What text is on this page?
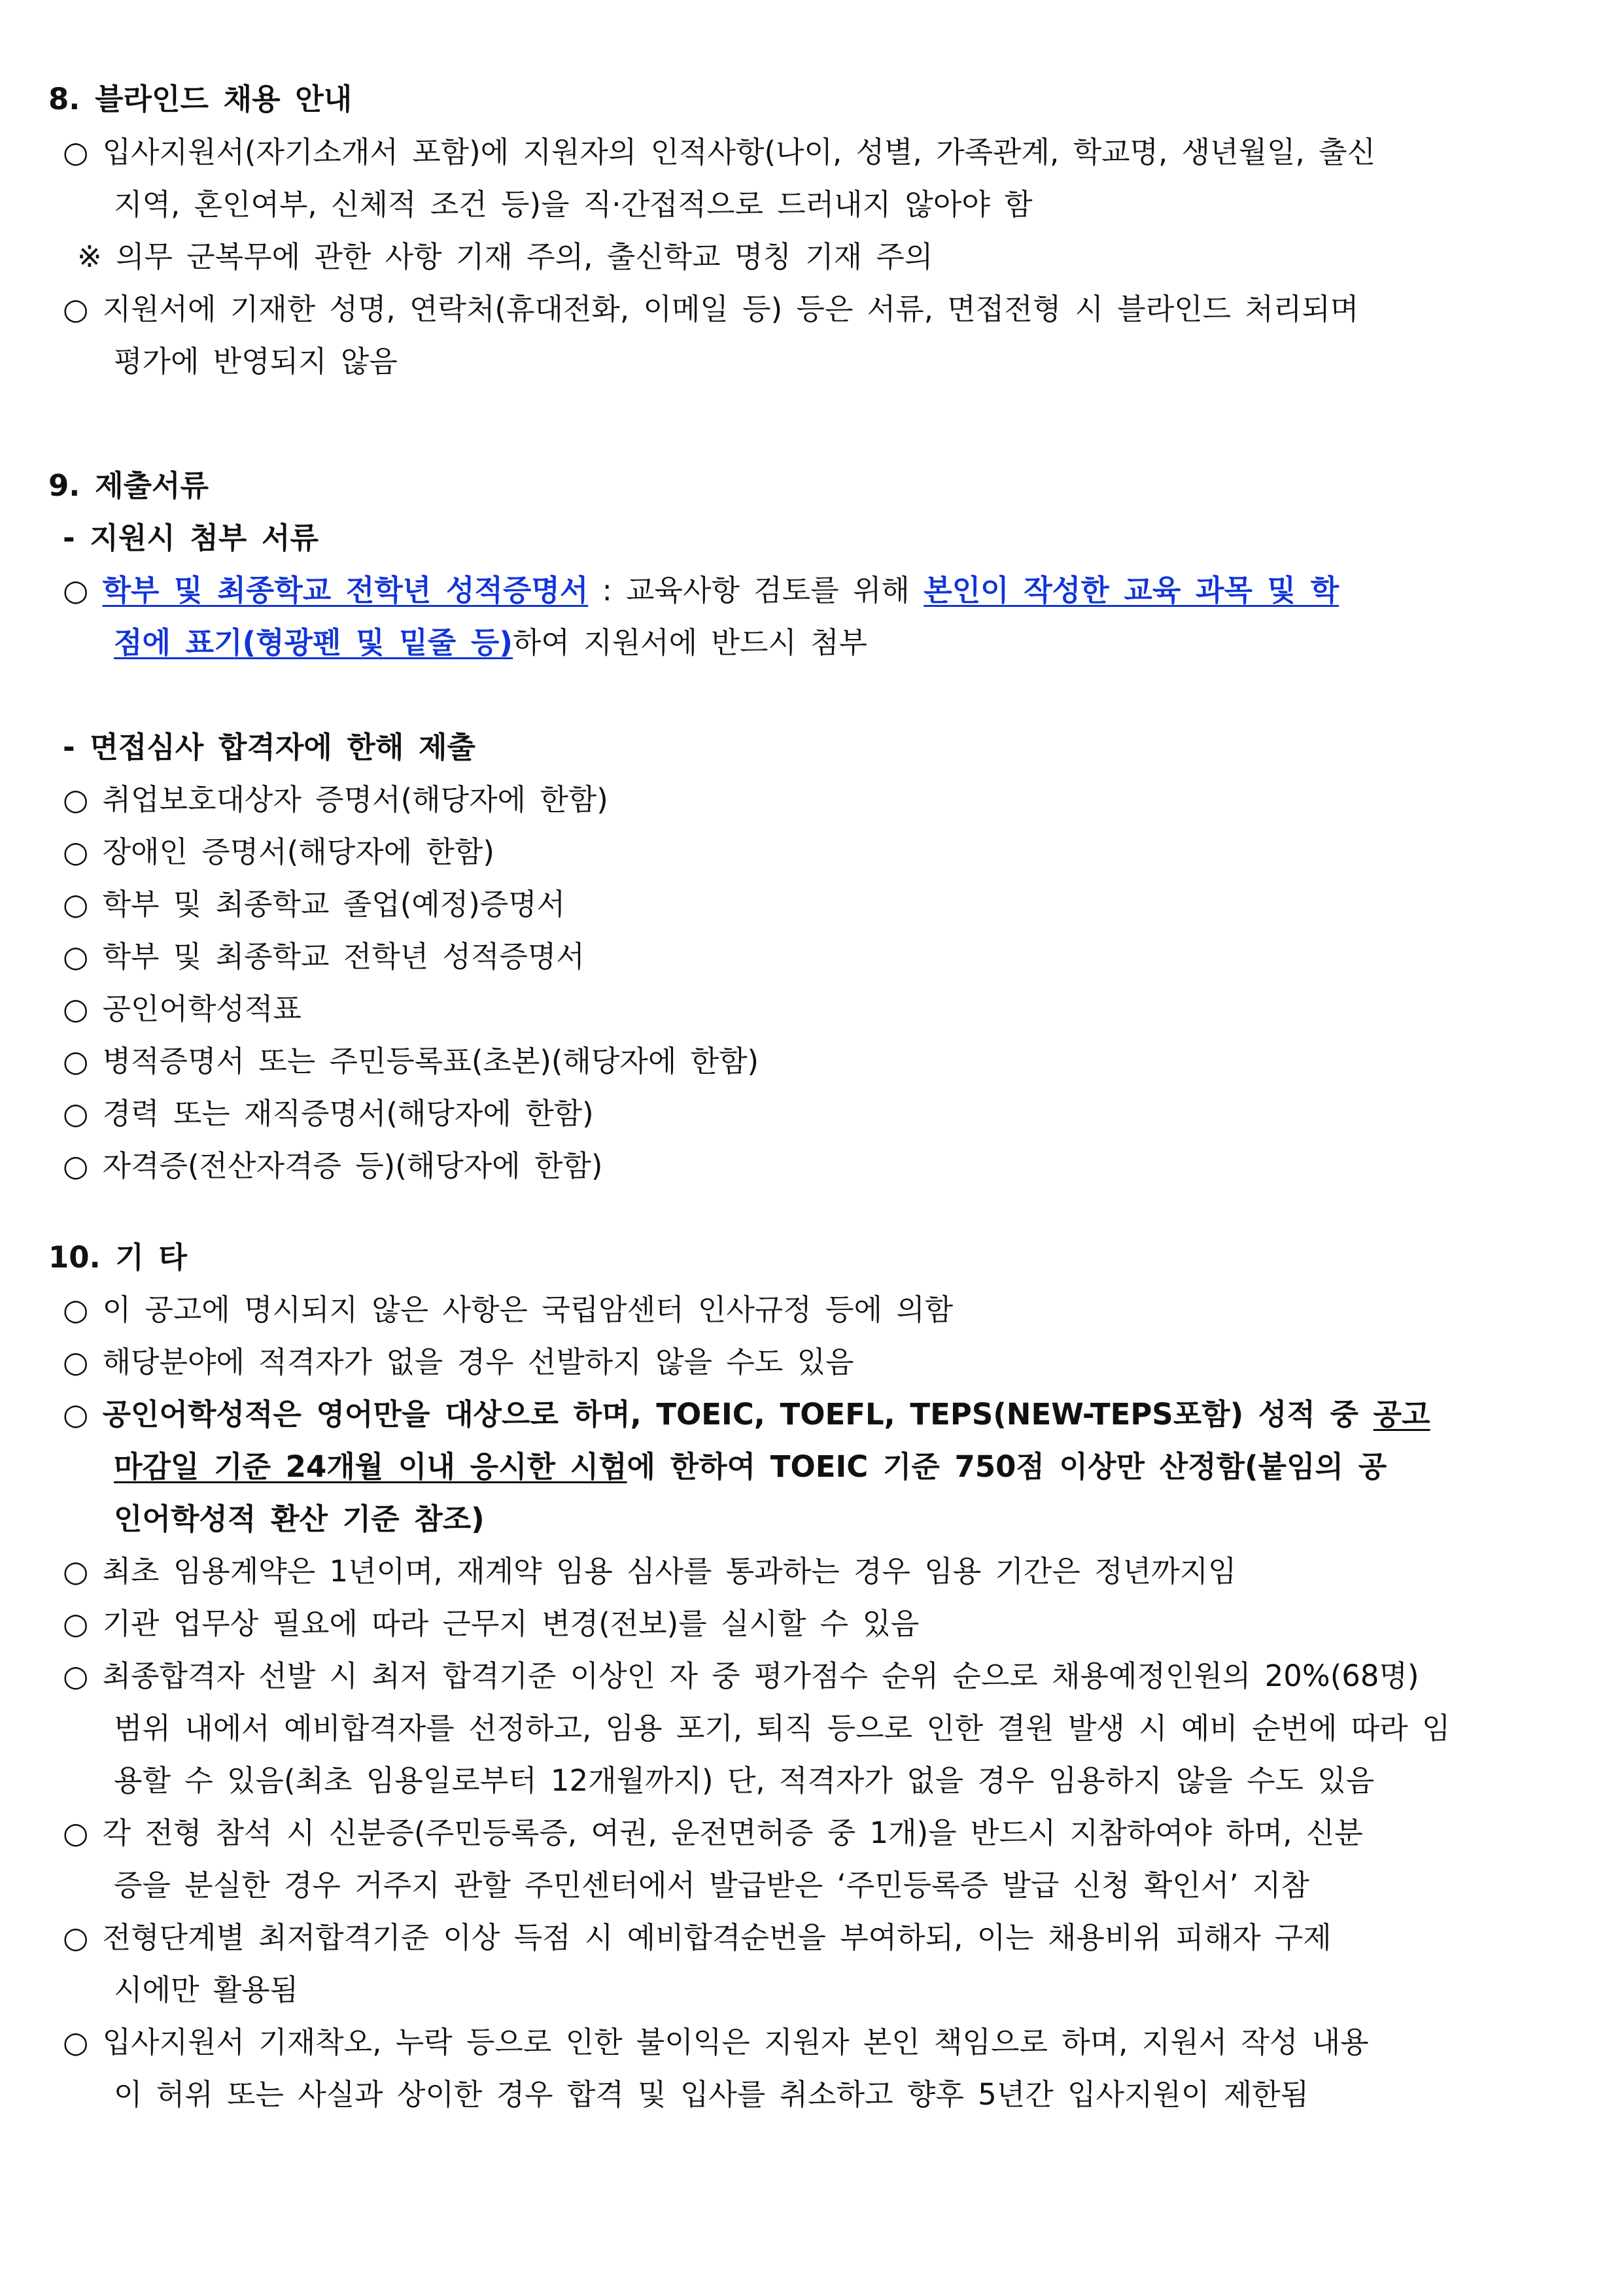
8. 블라인드 채용 안내
○ 입사지원서(자기소개서 포함)에 지원자의 인적사항(나이, 성별, 가족관계, 학교명, 생년월일, 출신
지역, 혼인여부, 신체적 조건 등)을 직·간접적으로 드러내지 않아야 함
※ 의무 군복무에 관한 사항 기재 주의, 출신학교 명칭 기재 주의
○ 지원서에 기재한 성명, 연락처(휴대전화, 이메일 등) 등은 서류, 면접전형 시 블라인드 처리되며
평가에 반영되지 않음
9. 제출서류
- 지원시 첨부 서류
○ 학부 및 최종학교 전학년 성적증명서 : 교육사항 검토를 위해 본인이 작성한 교육 과목 및 학
점에 표기(형광펜 및 밑줄 등)하여 지원서에 반드시 첨부
- 면접심사 합격자에 한해 제출
○ 취업보호대상자 증명서(해당자에 한함)
○ 장애인 증명서(해당자에 한함)
○ 학부 및 최종학교 졸업(예정)증명서
○ 학부 및 최종학교 전학년 성적증명서
○ 공인어학성적표
○ 병적증명서 또는 주민등록표(초본)(해당자에 한함)
○ 경력 또는 재직증명서(해당자에 한함)
○ 자격증(전산자격증 등)(해당자에 한함)
10. 기 타
○ 이 공고에 명시되지 않은 사항은 국립암센터 인사규정 등에 의함
○ 해당분야에 적격자가 없을 경우 선발하지 않을 수도 있음
○ 공인어학성적은 영어만을 대상으로 하며, TOEIC, TOEFL, TEPS(NEW-TEPS포함) 성적 중 공고
마감일 기준 24개월 이내 응시한 시험에 한하여 TOEIC 기준 750점 이상만 산정함(붙임의 공
인어학성적 환산 기준 참조)
○ 최초 임용계약은 1년이며, 재계약 임용 심사를 통과하는 경우 임용 기간은 정년까지임
○ 기관 업무상 필요에 따라 근무지 변경(전보)를 실시할 수 있음
○ 최종합격자 선발 시 최저 합격기준 이상인 자 중 평가점수 순위 순으로 채용예정인원의 20%(68명)
범위 내에서 예비합격자를 선정하고, 임용 포기, 퇴직 등으로 인한 결원 발생 시 예비 순번에 따라 임
용할 수 있음(최초 임용일로부터 12개월까지) 단, 적격자가 없을 경우 임용하지 않을 수도 있음
○ 각 전형 참석 시 신분증(주민등록증, 여권, 운전면허증 중 1개)을 반드시 지참하여야 하며, 신분
증을 분실한 경우 거주지 관할 주민센터에서 발급받은 ‘주민등록증 발급 신청 확인서’ 지참
○ 전형단계별 최저합격기준 이상 득점 시 예비합격순번을 부여하되, 이는 채용비위 피해자 구제
시에만 활용됨
○ 입사지원서 기재착오, 누락 등으로 인한 불이익은 지원자 본인 책임으로 하며, 지원서 작성 내용
이 허위 또는 사실과 상이한 경우 합격 및 입사를 취소하고 향후 5년간 입사지원이 제한됨
